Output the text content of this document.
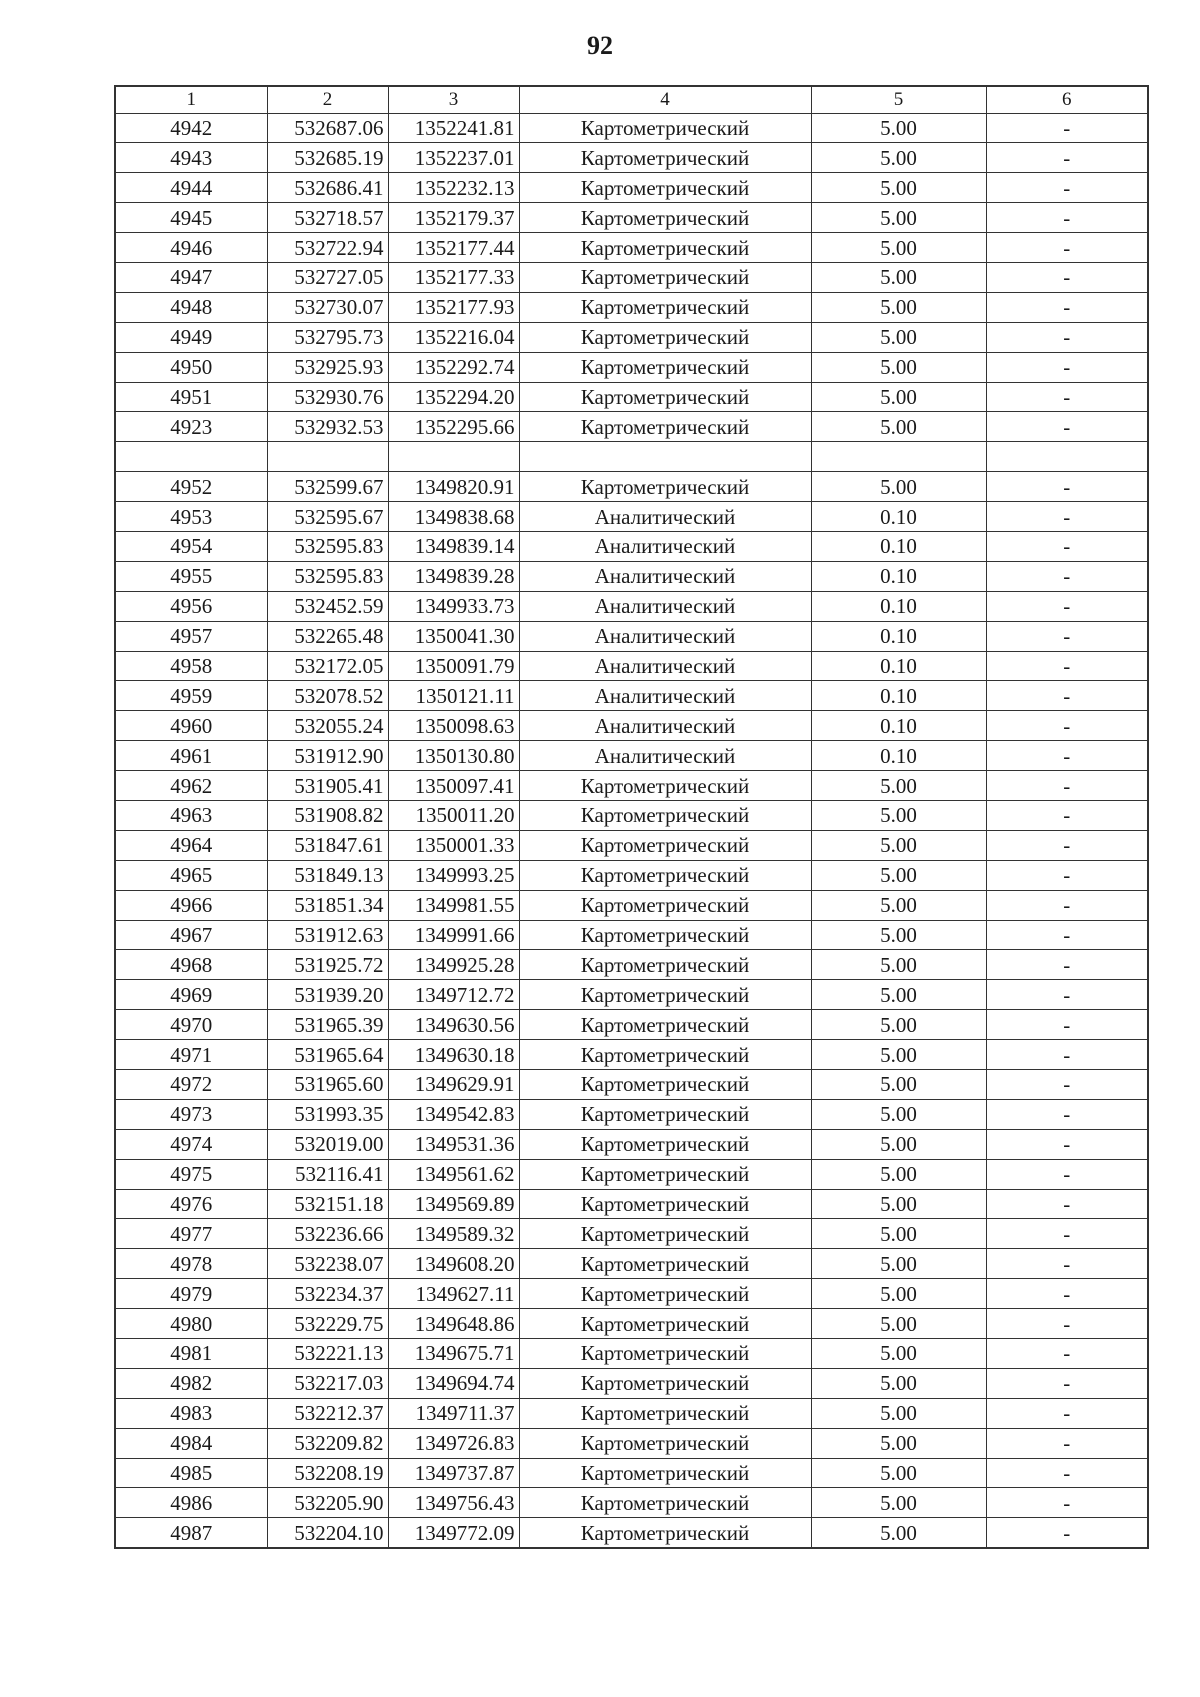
92
1	2	3	4	5	6
4942	532687.06	1352241.81	Картометрический	5.00	-
4943	532685.19	1352237.01	Картометрический	5.00	-
4944	532686.41	1352232.13	Картометрический	5.00	-
4945	532718.57	1352179.37	Картометрический	5.00	-
4946	532722.94	1352177.44	Картометрический	5.00	-
4947	532727.05	1352177.33	Картометрический	5.00	-
4948	532730.07	1352177.93	Картометрический	5.00	-
4949	532795.73	1352216.04	Картометрический	5.00	-
4950	532925.93	1352292.74	Картометрический	5.00	-
4951	532930.76	1352294.20	Картометрический	5.00	-
4923	532932.53	1352295.66	Картометрический	5.00	-

4952	532599.67	1349820.91	Картометрический	5.00	-
4953	532595.67	1349838.68	Аналитический	0.10	-
4954	532595.83	1349839.14	Аналитический	0.10	-
4955	532595.83	1349839.28	Аналитический	0.10	-
4956	532452.59	1349933.73	Аналитический	0.10	-
4957	532265.48	1350041.30	Аналитический	0.10	-
4958	532172.05	1350091.79	Аналитический	0.10	-
4959	532078.52	1350121.11	Аналитический	0.10	-
4960	532055.24	1350098.63	Аналитический	0.10	-
4961	531912.90	1350130.80	Аналитический	0.10	-
4962	531905.41	1350097.41	Картометрический	5.00	-
4963	531908.82	1350011.20	Картометрический	5.00	-
4964	531847.61	1350001.33	Картометрический	5.00	-
4965	531849.13	1349993.25	Картометрический	5.00	-
4966	531851.34	1349981.55	Картометрический	5.00	-
4967	531912.63	1349991.66	Картометрический	5.00	-
4968	531925.72	1349925.28	Картометрический	5.00	-
4969	531939.20	1349712.72	Картометрический	5.00	-
4970	531965.39	1349630.56	Картометрический	5.00	-
4971	531965.64	1349630.18	Картометрический	5.00	-
4972	531965.60	1349629.91	Картометрический	5.00	-
4973	531993.35	1349542.83	Картометрический	5.00	-
4974	532019.00	1349531.36	Картометрический	5.00	-
4975	532116.41	1349561.62	Картометрический	5.00	-
4976	532151.18	1349569.89	Картометрический	5.00	-
4977	532236.66	1349589.32	Картометрический	5.00	-
4978	532238.07	1349608.20	Картометрический	5.00	-
4979	532234.37	1349627.11	Картометрический	5.00	-
4980	532229.75	1349648.86	Картометрический	5.00	-
4981	532221.13	1349675.71	Картометрический	5.00	-
4982	532217.03	1349694.74	Картометрический	5.00	-
4983	532212.37	1349711.37	Картометрический	5.00	-
4984	532209.82	1349726.83	Картометрический	5.00	-
4985	532208.19	1349737.87	Картометрический	5.00	-
4986	532205.90	1349756.43	Картометрический	5.00	-
4987	532204.10	1349772.09	Картометрический	5.00	-
